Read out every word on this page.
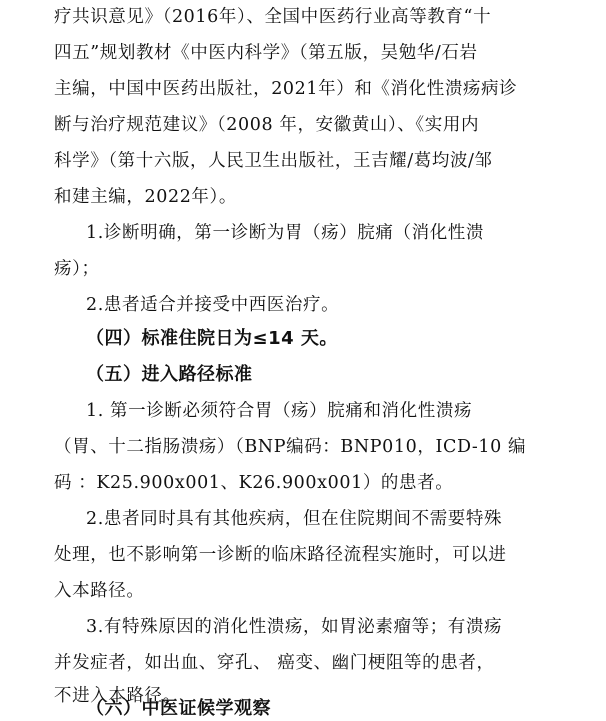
疗共识意见》（2016年）、全国中医药行业高等教育“十
四五”规划教材《中医内科学》（第五版，吴勉华/石岩
主编，中国中医药出版社，2021年）和《消化性溃疡病诊
断与治疗规范建议》（2008 年，安徽黄山）、《实用内
科学》（第十六版，人民卫生出版社，王吉耀/葛均波/邹
和建主编，2022年）。
1.诊断明确，第一诊断为胃（疡）脘痛（消化性溃
疡）；
2.患者适合并接受中西医治疗。
（四）标准住院日为≤14 天。
（五）进入路径标准
1. 第一诊断必须符合胃（疡）脘痛和消化性溃疡
（胃、十二指肠溃疡）（BNP编码：BNP010，ICD-10 编
码 ：K25.900x001、K26.900x001）的患者。
2.患者同时具有其他疾病，但在住院期间不需要特殊
处理，也不影响第一诊断的临床路径流程实施时，可以进
入本路径。
3.有特殊原因的消化性溃疡，如胃泌素瘤等；有溃疡
并发症者，如出血、穿孔、 癌变、幽门梗阻等的患者，
不进入本路径。
（六）中医证候学观察
